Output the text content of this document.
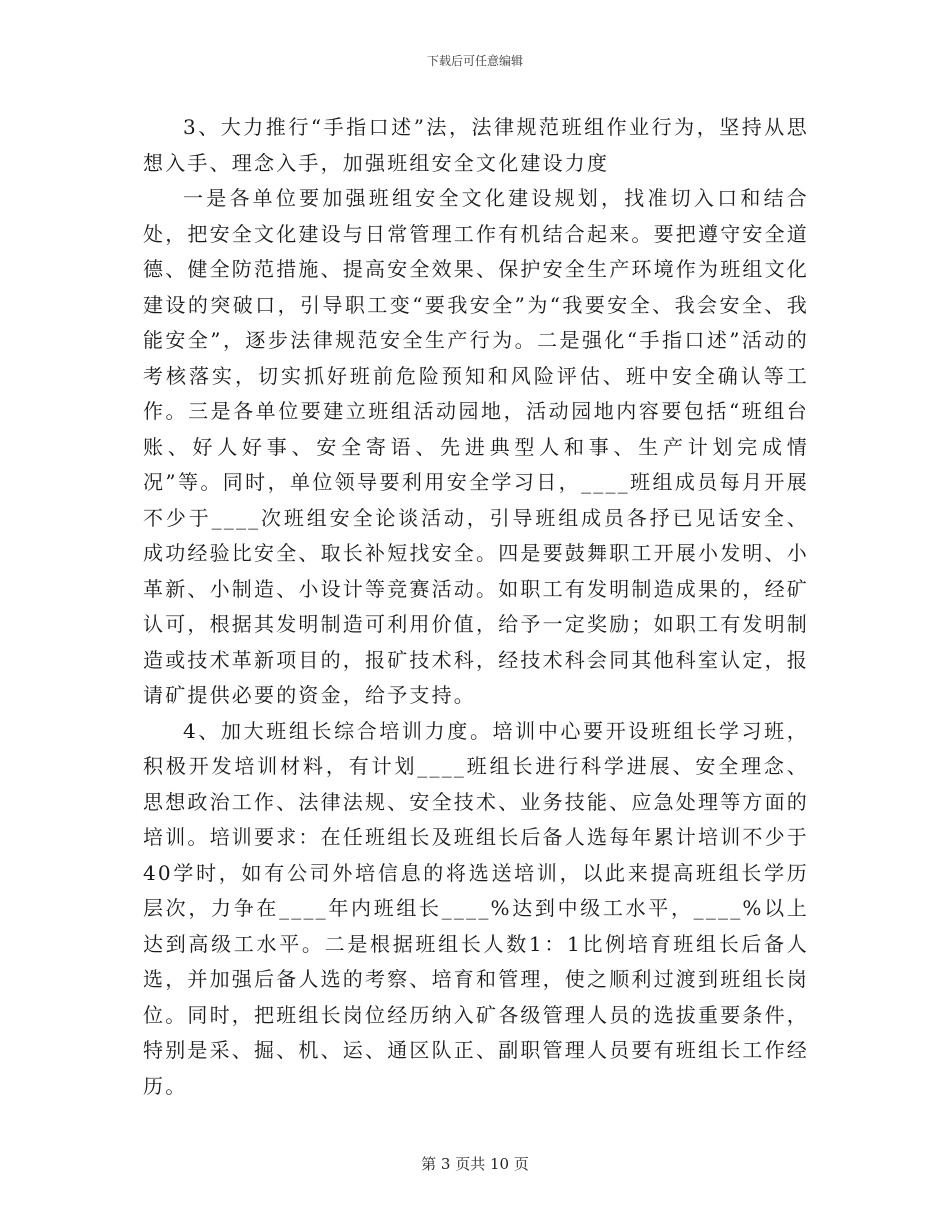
下载后可任意编辑

3、大力推行“手指口述”法，法律规范班组作业行为，坚持从思想入手、理念入手，加强班组安全文化建设力度

一是各单位要加强班组安全文化建设规划，找准切入口和结合处，把安全文化建设与日常管理工作有机结合起来。要把遵守安全道德、健全防范措施、提高安全效果、保护安全生产环境作为班组文化建设的突破口，引导职工变“要我安全”为“我要安全、我会安全、我能安全”，逐步法律规范安全生产行为。二是强化“手指口述”活动的考核落实，切实抓好班前危险预知和风险评估、班中安全确认等工作。三是各单位要建立班组活动园地，活动园地内容要包括“班组台账、好人好事、安全寄语、先进典型人和事、生产计划完成情况”等。同时，单位领导要利用安全学习日，____班组成员每月开展不少于____次班组安全论谈活动，引导班组成员各抒已见话安全、成功经验比安全、取长补短找安全。四是要鼓舞职工开展小发明、小革新、小制造、小设计等竞赛活动。如职工有发明制造成果的，经矿认可，根据其发明制造可利用价值，给予一定奖励；如职工有发明制造或技术革新项目的，报矿技术科，经技术科会同其他科室认定，报请矿提供必要的资金，给予支持。

4、加大班组长综合培训力度。培训中心要开设班组长学习班，积极开发培训材料，有计划____班组长进行科学进展、安全理念、思想政治工作、法律法规、安全技术、业务技能、应急处理等方面的培训。培训要求：在任班组长及班组长后备人选每年累计培训不少于40学时，如有公司外培信息的将选送培训，以此来提高班组长学历层次，力争在____年内班组长____%达到中级工水平，____%以上达到高级工水平。二是根据班组长人数1：1比例培育班组长后备人选，并加强后备人选的考察、培育和管理，使之顺利过渡到班组长岗位。同时，把班组长岗位经历纳入矿各级管理人员的选拔重要条件，特别是采、掘、机、运、通区队正、副职管理人员要有班组长工作经历。

第 3 页共 10 页
